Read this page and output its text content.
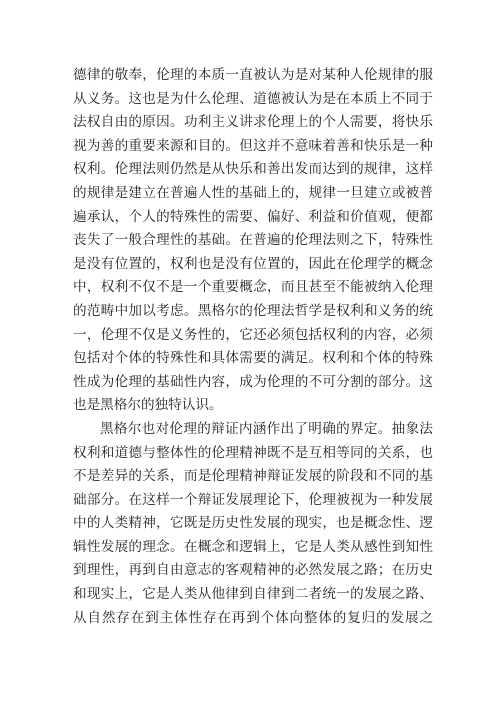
德律的敬奉，伦理的本质一直被认为是对某种人伦规律的服
从义务。这也是为什么伦理、道德被认为是在本质上不同于
法权自由的原因。功利主义讲求伦理上的个人需要，将快乐
视为善的重要来源和目的。但这并不意味着善和快乐是一种
权利。伦理法则仍然是从快乐和善出发而达到的规律，这样
的规律是建立在普遍人性的基础上的，规律一旦建立或被普
遍承认，个人的特殊性的需要、偏好、利益和价值观，便都
丧失了一般合理性的基础。在普遍的伦理法则之下，特殊性
是没有位置的，权利也是没有位置的，因此在伦理学的概念
中，权利不仅不是一个重要概念，而且甚至不能被纳入伦理
的范畴中加以考虑。黑格尔的伦理法哲学是权利和义务的统
一，伦理不仅是义务性的，它还必须包括权利的内容，必须
包括对个体的特殊性和具体需要的满足。权利和个体的特殊
性成为伦理的基础性内容，成为伦理的不可分割的部分。这
也是黑格尔的独特认识。
黑格尔也对伦理的辩证内涵作出了明确的界定。抽象法
权利和道德与整体性的伦理精神既不是互相等同的关系，也
不是差异的关系，而是伦理精神辩证发展的阶段和不同的基
础部分。在这样一个辩证发展理论下，伦理被视为一种发展
中的人类精神，它既是历史性发展的现实，也是概念性、逻
辑性发展的理念。在概念和逻辑上，它是人类从感性到知性
到理性，再到自由意志的客观精神的必然发展之路；在历史
和现实上，它是人类从他律到自律到二者统一的发展之路、
从自然存在到主体性存在再到个体向整体的复归的发展之
